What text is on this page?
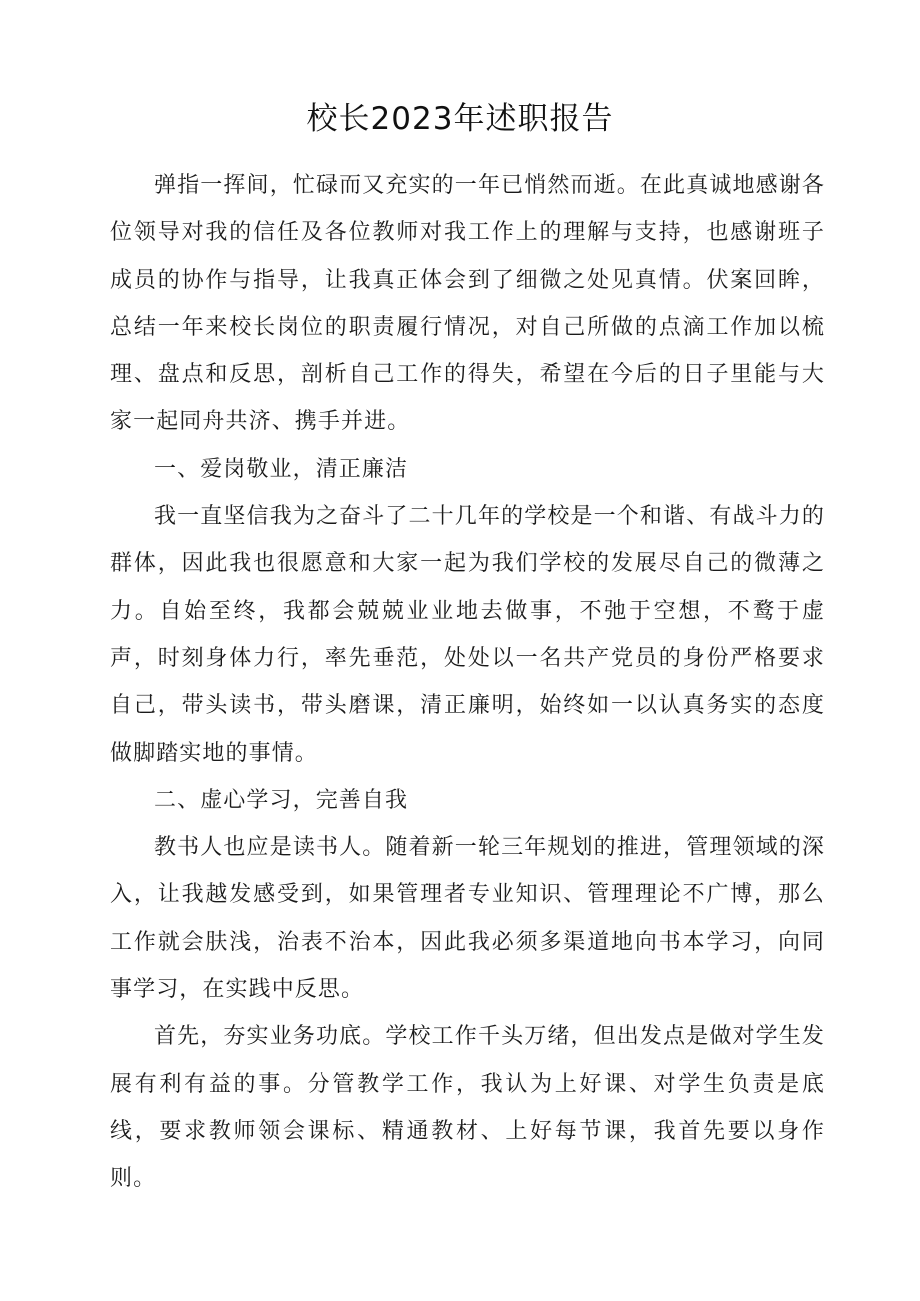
校长2023年述职报告

弹指一挥间，忙碌而又充实的一年已悄然而逝。在此真诚地感谢各位领导对我的信任及各位教师对我工作上的理解与支持，也感谢班子成员的协作与指导，让我真正体会到了细微之处见真情。伏案回眸，总结一年来校长岗位的职责履行情况，对自己所做的点滴工作加以梳理、盘点和反思，剖析自己工作的得失，希望在今后的日子里能与大家一起同舟共济、携手并进。

一、爱岗敬业，清正廉洁

我一直坚信我为之奋斗了二十几年的学校是一个和谐、有战斗力的群体，因此我也很愿意和大家一起为我们学校的发展尽自己的微薄之力。自始至终，我都会兢兢业业地去做事，不弛于空想，不鹜于虚声，时刻身体力行，率先垂范，处处以一名共产党员的身份严格要求自己，带头读书，带头磨课，清正廉明，始终如一以认真务实的态度做脚踏实地的事情。

二、虚心学习，完善自我

教书人也应是读书人。随着新一轮三年规划的推进，管理领域的深入，让我越发感受到，如果管理者专业知识、管理理论不广博，那么工作就会肤浅，治表不治本，因此我必须多渠道地向书本学习，向同事学习，在实践中反思。

首先，夯实业务功底。学校工作千头万绪，但出发点是做对学生发展有利有益的事。分管教学工作，我认为上好课、对学生负责是底线，要求教师领会课标、精通教材、上好每节课，我首先要以身作则。
